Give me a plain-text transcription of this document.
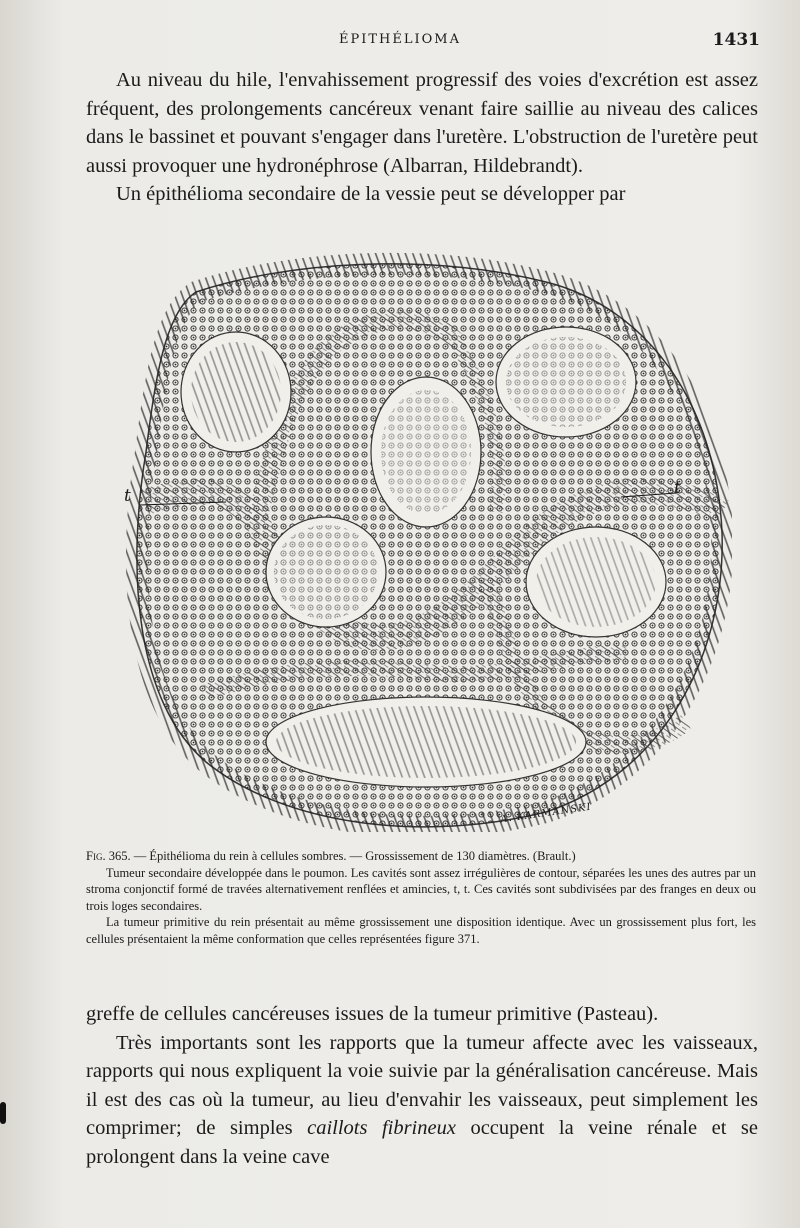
ÉPITHÉLIOMA	1431

Au niveau du hile, l'envahissement progressif des voies d'excrétion est assez fréquent, des prolongements cancéreux venant faire saillie au niveau des calices dans le bassinet et pouvant s'engager dans l'uretère. L'obstruction de l'uretère peut aussi provoquer une hydronéphrose (Albarran, Hildebrandt).

Un épithélioma secondaire de la vessie peut se développer par

t	t
A. KARMANSKI

Fig. 365. — Épithélioma du rein à cellules sombres. — Grossissement de 130 diamètres. (Brault.)

Tumeur secondaire développée dans le poumon. Les cavités sont assez irrégulières de contour, séparées les unes des autres par un stroma conjonctif formé de travées alternativement renflées et amincies, t, t. Ces cavités sont subdivisées par des franges en deux ou trois loges secondaires.

La tumeur primitive du rein présentait au même grossissement une disposition identique. Avec un grossissement plus fort, les cellules présentaient la même conformation que celles représentées figure 371.

greffe de cellules cancéreuses issues de la tumeur primitive (Pasteau).

Très importants sont les rapports que la tumeur affecte avec les vaisseaux, rapports qui nous expliquent la voie suivie par la généralisation cancéreuse. Mais il est des cas où la tumeur, au lieu d'envahir les vaisseaux, peut simplement les comprimer; de simples caillots fibrineux occupent la veine rénale et se prolongent dans la veine cave
